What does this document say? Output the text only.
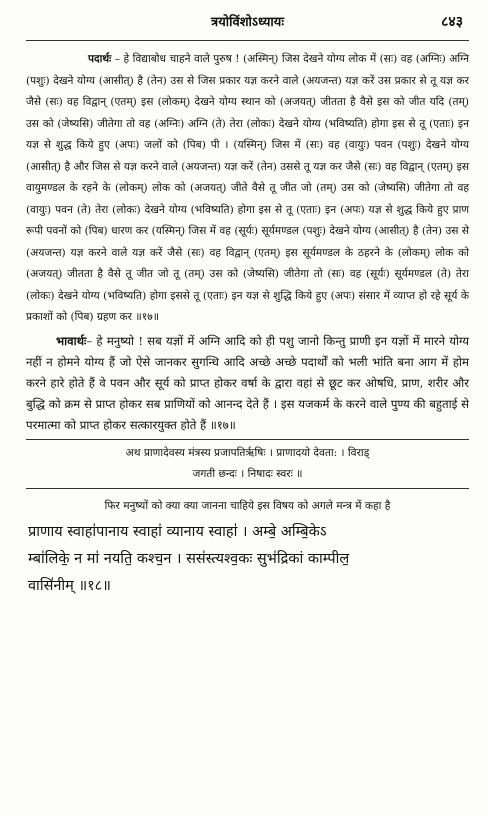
त्रयोविंशोऽध्यायः	८४३

पदार्थः – हे विद्याबोध चाहने वाले पुरुष ! (अस्मिन्) जिस देखने योग्य लोक में (सः) वह (अग्निः) अग्नि (पशुः) देखने योग्य (आसीत्) है (तेन) उस से जिस प्रकार यज्ञ करने वाले (अयजन्त) यज्ञ करें उस प्रकार से तू यज्ञ कर जैसे (सः) वह विद्वान् (एतम्) इस (लोकम्) देखने योग्य स्थान को (अजयत्) जीतता है वैसे इस को जीत यदि (तम्) उस को (जेष्यसि) जीतेगा तो वह (अग्निः) अग्नि (ते) तेरा (लोकः) देखने योग्य (भविष्यति) होगा इस से तू (एताः) इन यज्ञ से शुद्ध किये हुए (अपः) जलों को (पिब) पी । (यस्मिन्) जिस में (सः) वह (वायुः) पवन (पशुः) देखने योग्य (आसीत्) है और जिस से यज्ञ करने वाले (अयजन्त) यज्ञ करें (तेन) उससे तू यज्ञ कर जैसे (सः) वह विद्वान् (एतम्) इस वायुमण्डल के रहने के (लोकम्) लोक को (अजयत्) जीते वैसे तू जीत जो (तम्) उस को (जेष्यसि) जीतेगा तो वह (वायुः) पवन (ते) तेरा (लोकः) देखने योग्य (भविष्यति) होगा इस से तू (एताः) इन (अपः) यज्ञ से शुद्ध किये हुए प्राण रूपी पवनों को (पिब) धारण कर (यस्मिन्) जिस में वह (सूर्यः) सूर्यमण्डल (पशुः) देखने योग्य (आसीत्) है (तेन) उस से (अयजन्त) यज्ञ करने वाले यज्ञ करें जैसे (सः) वह विद्वान् (एतम्) इस सूर्यमण्डल के ठहरने के (लोकम्) लोक को (अजयत्) जीतता है वैसे तू जीत जो तू (तम्) उस को (जेष्यसि) जीतेगा तो (सः) वह (सूर्यः) सूर्यमण्डल (ते) तेरा (लोकः) देखने योग्य (भविष्यति) होगा इससे तू (एताः) इन यज्ञ से शुद्धि किये हुए (अपः) संसार में व्याप्त हो रहे सूर्य के प्रकाशों को (पिब) ग्रहण कर ॥१७॥

भावार्थः– हे मनुष्यो ! सब यज्ञों में अग्नि आदि को ही पशु जानो किन्तु प्राणी इन यज्ञों में मारने योग्य नहीं न होमने योग्य हैं जो ऐसे जानकर सुगन्धि आदि अच्छे अच्छे पदार्थों को भली भांति बना आग में होम करने हारे होते हैं वे पवन और सूर्य को प्राप्त होकर वर्षा के द्वारा वहां से छूट कर ओषधि, प्राण, शरीर और बुद्धि को क्रम से प्राप्त होकर सब प्राणियों को आनन्द देते हैं । इस यजकर्म के करने वाले पुण्य की बहुताई से परमात्मा को प्राप्त होकर सत्कारयुक्त होते हैं ॥१७॥

अथ प्राणादेवस्य मंत्रस्य प्रजापतिर्ऋषिः । प्राणादयो देवता: । विराड्
जगती छन्दः । निषादः स्वरः ॥

फिर मनुष्यों को क्या क्या जानना चाहिये इस विषय को अगले मन्त्र में कहा है

प्राणाय स्वाहा॑पानाय स्वाहा॑ व्यानाय स्वाहा॑ । अम्बे॒ अम्बि॒केऽ
म्बा॑लिके॒ न मा॑ नयति॒ कश्च॒न । सस॑स्त्यश्व॒कः सुभ॑द्रिकां काम्पील॒
वासि॑नीम् ॥१८॥
